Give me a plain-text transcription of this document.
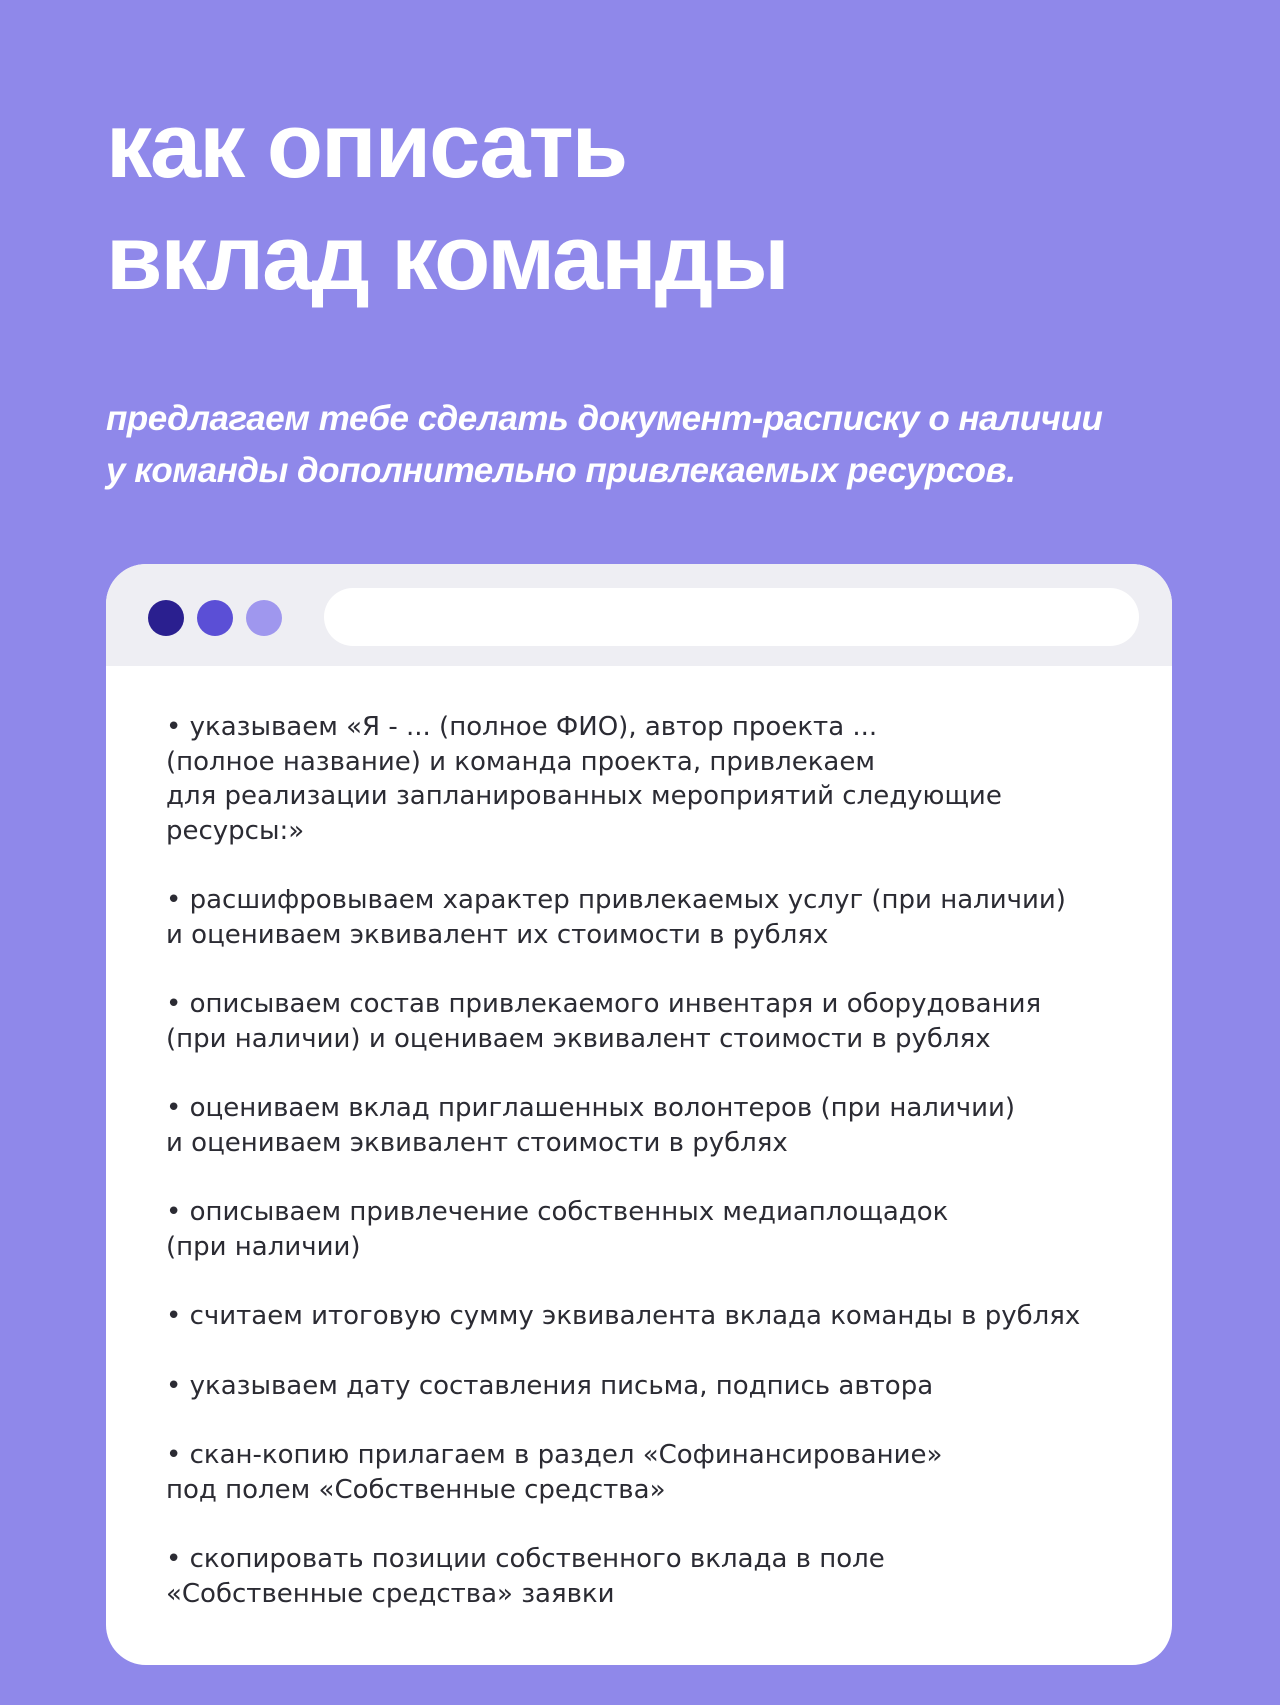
как описать
вклад команды

предлагаем тебе сделать документ-расписку о наличии
у команды дополнительно привлекаемых ресурсов.

• указываем «Я - ... (полное ФИО), автор проекта ...
(полное название) и команда проекта, привлекаем
для реализации запланированных мероприятий следующие
ресурсы:»

• расшифровываем характер привлекаемых услуг (при наличии)
и оцениваем эквивалент их стоимости в рублях

• описываем состав привлекаемого инвентаря и оборудования
(при наличии) и оцениваем эквивалент стоимости в рублях

• оцениваем вклад приглашенных волонтеров (при наличии)
и оцениваем эквивалент стоимости в рублях

• описываем привлечение собственных медиаплощадок
(при наличии)

• считаем итоговую сумму эквивалента вклада команды в рублях

• указываем дату составления письма, подпись автора

• скан-копию прилагаем в раздел «Софинансирование»
под полем «Собственные средства»

• скопировать позиции собственного вклада в поле
«Собственные средства» заявки
